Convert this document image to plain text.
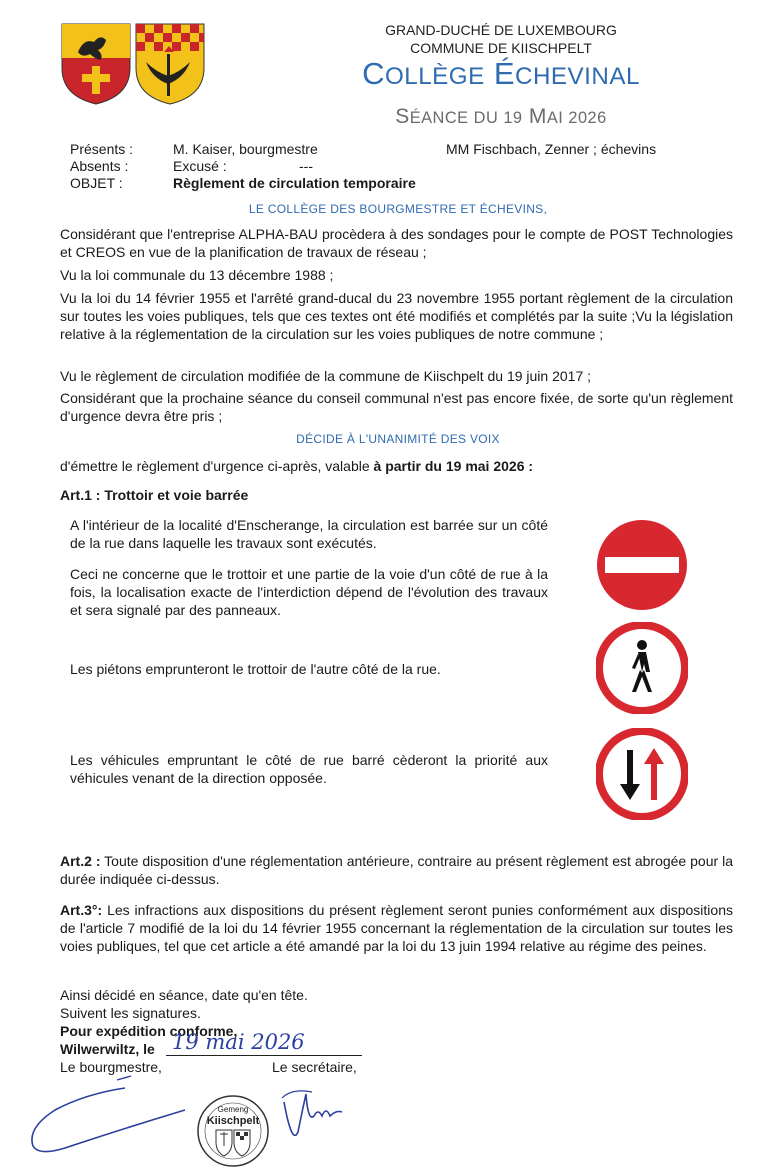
GRAND-DUCHÉ DE LUXEMBOURG
COMMUNE DE KIISCHPELT
COLLÈGE ÉCHEVINAL
SÉANCE DU 19 MAI 2026
Présents :	M. Kaiser, bourgmestre	MM Fischbach, Zenner ; échevins
Absents :	Excusé :	---
OBJET :	Règlement de circulation temporaire
LE COLLÈGE DES BOURGMESTRE ET ÉCHEVINS,
Considérant que l'entreprise ALPHA-BAU procèdera à des sondages pour le compte de POST Technologies et CREOS en vue de la planification de travaux de réseau ;
Vu la loi communale du 13 décembre 1988 ;
Vu la loi du 14 février 1955 et l'arrêté grand-ducal du 23 novembre 1955 portant règlement de la circulation sur toutes les voies publiques, tels que ces textes ont été modifiés et complétés par la suite ;Vu la législation relative à la réglementation de la circulation sur les voies publiques de notre commune ;
Vu le règlement de circulation modifiée de la commune de Kiischpelt du 19 juin 2017 ;
Considérant que la prochaine séance du conseil communal n'est pas encore fixée, de sorte qu'un règlement d'urgence devra être pris ;
DÉCIDE À L'UNANIMITÉ DES VOIX
d'émettre le règlement d'urgence ci-après, valable à partir du 19 mai 2026 :
Art.1 : Trottoir et voie barrée
A l'intérieur de la localité d'Enscherange, la circulation est barrée sur un côté de la rue dans laquelle les travaux sont exécutés.
Ceci ne concerne que le trottoir et une partie de la voie d'un côté de rue à la fois, la localisation exacte de l'interdiction dépend de l'évolution des travaux et sera signalé par des panneaux.
Les piétons emprunteront le trottoir de l'autre côté de la rue.
Les véhicules empruntant le côté de rue barré cèderont la priorité aux véhicules venant de la direction opposée.
Art.2 : Toute disposition d'une réglementation antérieure, contraire au présent règlement est abrogée pour la durée indiquée ci-dessus.
Art.3°: Les infractions aux dispositions du présent règlement seront punies conformément aux dispositions de l'article 7 modifié de la loi du 14 février 1955 concernant la réglementation de la circulation sur toutes les voies publiques, tel que cet article a été amandé par la loi du 13 juin 1994 relative au régime des peines.
Ainsi décidé en séance, date qu'en tête.
Suivent les signatures.
Pour expédition conforme,
Wilwerwiltz, le 19 mai 2026
Le bourgmestre,	Le secrétaire,
Gemeng
Kiischpelt
